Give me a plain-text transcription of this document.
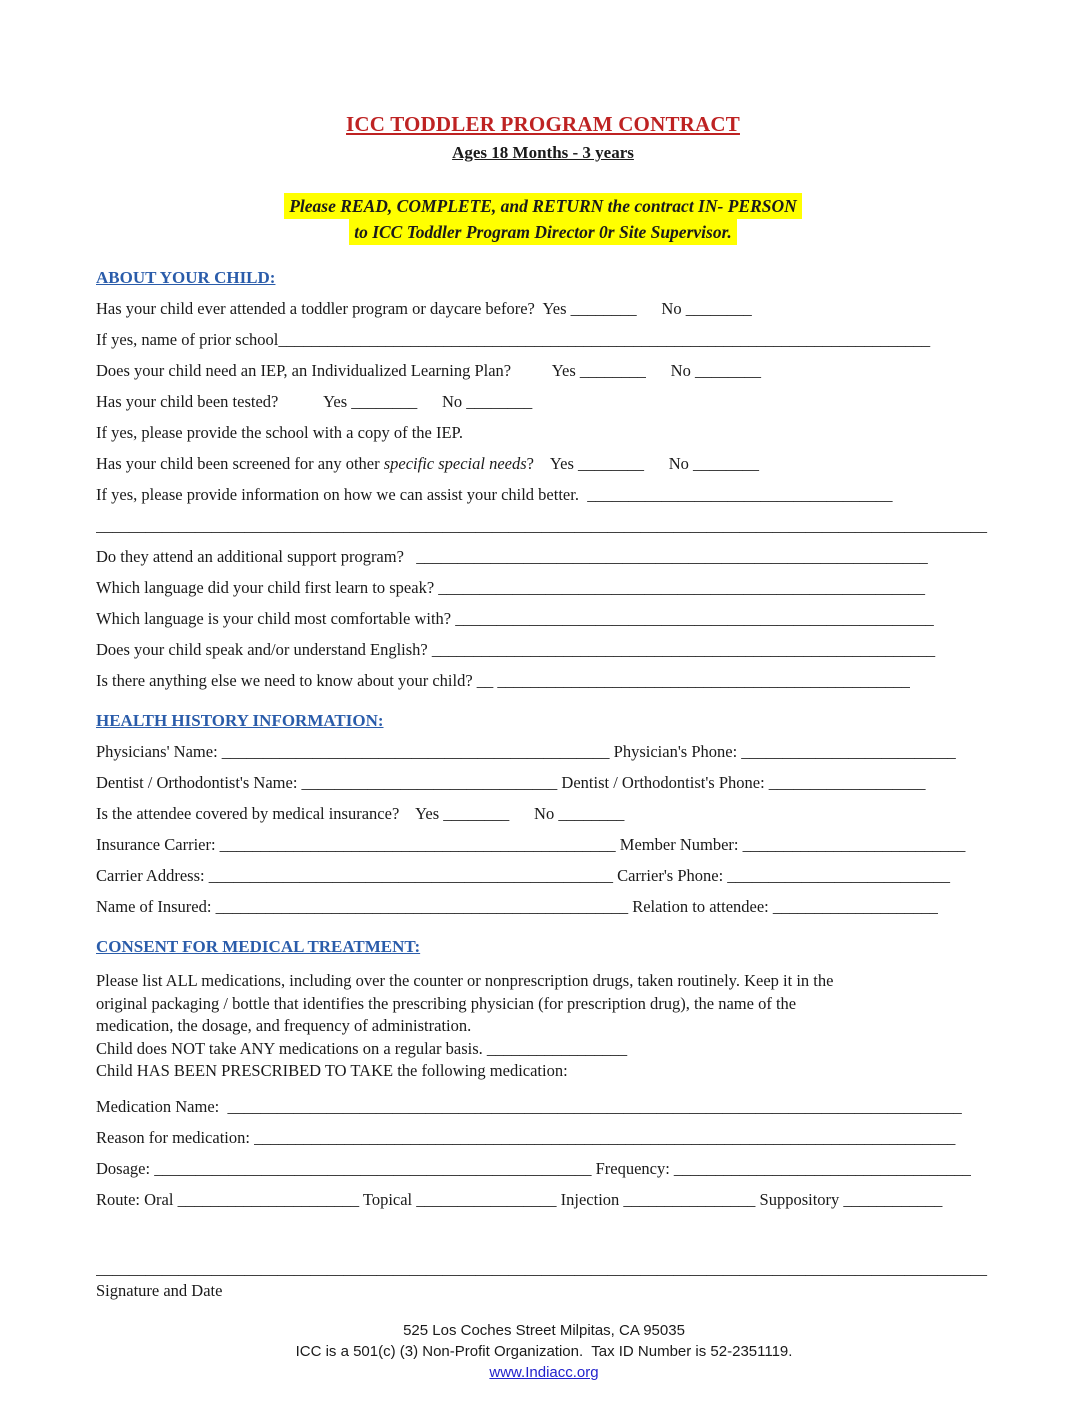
ICC TODDLER PROGRAM CONTRACT
Ages 18 Months - 3 years
Please READ, COMPLETE, and RETURN the contract IN- PERSON
to ICC Toddler Program Director 0r Site Supervisor.
ABOUT YOUR CHILD:
Has your child ever attended a toddler program or daycare before?  Yes ________      No ________
If yes, name of prior school_______________________________________________________________________________
Does your child need an IEP, an Individualized Learning Plan?          Yes ________      No ________
Has your child been tested?           Yes ________      No ________
If yes, please provide the school with a copy of the IEP.
Has your child been screened for any other specific special needs?    Yes ________      No ________
If yes, please provide information on how we can assist your child better.  _____________________________________
____________________________________________________________________________________________________________
Do they attend an additional support program?   ______________________________________________________________
Which language did your child first learn to speak? ___________________________________________________________
Which language is your child most comfortable with? __________________________________________________________
Does your child speak and/or understand English? _____________________________________________________________
Is there anything else we need to know about your child? __ __________________________________________________
HEALTH HISTORY INFORMATION:
Physicians' Name: _______________________________________________ Physician's Phone: __________________________
Dentist / Orthodontist's Name: _______________________________ Dentist / Orthodontist's Phone: ___________________
Is the attendee covered by medical insurance?    Yes ________      No ________
Insurance Carrier: ________________________________________________ Member Number: ___________________________
Carrier Address: _________________________________________________ Carrier's Phone: ___________________________
Name of Insured: __________________________________________________ Relation to attendee: ____________________
CONSENT FOR MEDICAL TREATMENT:
Please list ALL medications, including over the counter or nonprescription drugs, taken routinely. Keep it in the
original packaging / bottle that identifies the prescribing physician (for prescription drug), the name of the
medication, the dosage, and frequency of administration.
Child does NOT take ANY medications on a regular basis. _________________
Child HAS BEEN PRESCRIBED TO TAKE the following medication:
Medication Name:  _________________________________________________________________________________________
Reason for medication: _____________________________________________________________________________________
Dosage: _____________________________________________________ Frequency: ____________________________________
Route: Oral ______________________ Topical _________________ Injection ________________ Suppository ____________
____________________________________________________________________________________________________________
Signature and Date
525 Los Coches Street Milpitas, CA 95035
ICC is a 501(c) (3) Non-Profit Organization.  Tax ID Number is 52-2351119.
www.Indiacc.org
